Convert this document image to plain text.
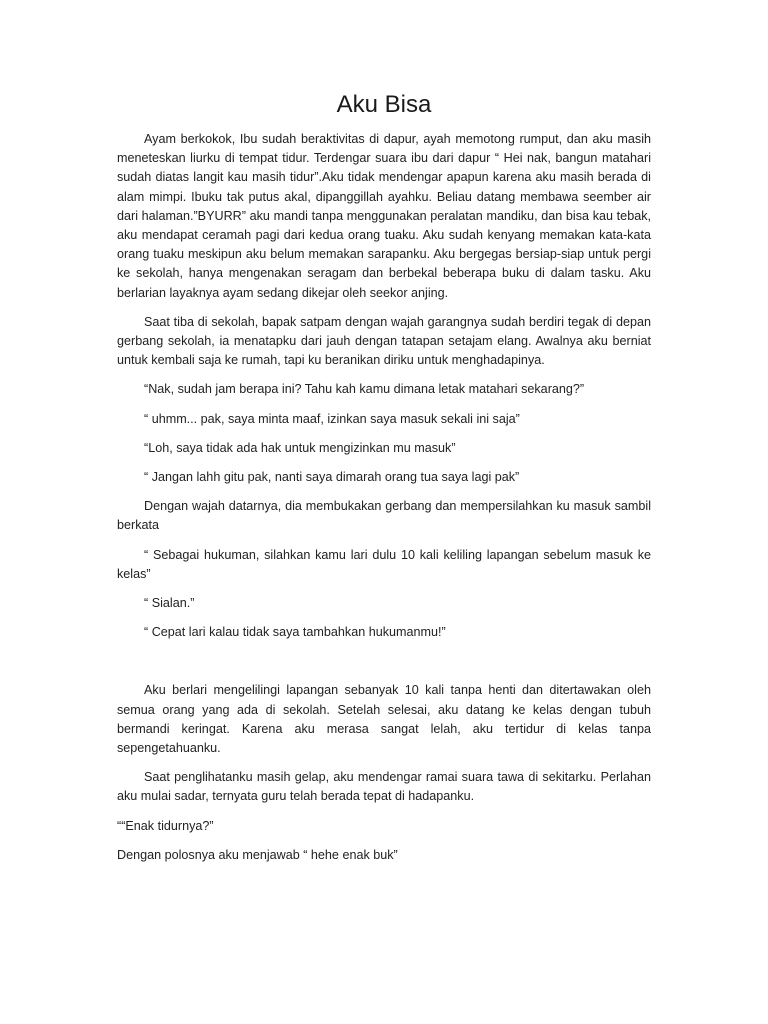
Aku Bisa

Ayam berkokok, Ibu sudah beraktivitas di dapur, ayah memotong rumput, dan aku masih meneteskan liurku di tempat tidur. Terdengar suara ibu dari dapur “ Hei nak, bangun matahari sudah diatas langit kau masih tidur”.Aku tidak mendengar apapun karena aku masih berada di alam mimpi. Ibuku tak putus akal, dipanggillah ayahku. Beliau datang membawa seember air dari halaman.”BYURR” aku mandi tanpa menggunakan peralatan mandiku, dan bisa kau tebak, aku mendapat ceramah pagi dari kedua orang tuaku. Aku sudah kenyang memakan kata-kata orang tuaku meskipun aku belum memakan sarapanku. Aku bergegas bersiap-siap untuk pergi ke sekolah, hanya mengenakan seragam dan berbekal beberapa buku di dalam tasku. Aku berlarian layaknya ayam sedang dikejar oleh seekor anjing.

Saat tiba di sekolah, bapak satpam dengan wajah garangnya sudah berdiri tegak di depan gerbang sekolah, ia menatapku dari jauh dengan tatapan setajam elang. Awalnya aku berniat untuk kembali saja ke rumah, tapi ku beranikan diriku untuk menghadapinya.

“Nak, sudah jam berapa ini? Tahu kah kamu dimana letak matahari sekarang?”

“ uhmm... pak, saya minta maaf, izinkan saya masuk sekali ini saja”

“Loh, saya tidak ada hak untuk mengizinkan mu masuk”

“ Jangan lahh gitu pak, nanti saya dimarah orang tua saya lagi pak”

Dengan wajah datarnya, dia membukakan gerbang dan mempersilahkan ku masuk sambil berkata

“ Sebagai hukuman, silahkan kamu lari dulu 10 kali keliling lapangan sebelum masuk ke kelas”

“ Sialan.”

“ Cepat lari kalau tidak saya tambahkan hukumanmu!”

Aku berlari mengelilingi lapangan sebanyak 10 kali tanpa henti dan ditertawakan oleh semua orang yang ada di sekolah. Setelah selesai, aku datang ke kelas dengan tubuh bermandi keringat. Karena aku merasa sangat lelah, aku tertidur di kelas tanpa sepengetahuanku.

Saat penglihatanku masih gelap, aku mendengar ramai suara tawa di sekitarku. Perlahan aku mulai sadar, ternyata guru telah berada tepat di hadapanku.

““Enak tidurnya?”

Dengan polosnya aku menjawab “ hehe enak buk”
